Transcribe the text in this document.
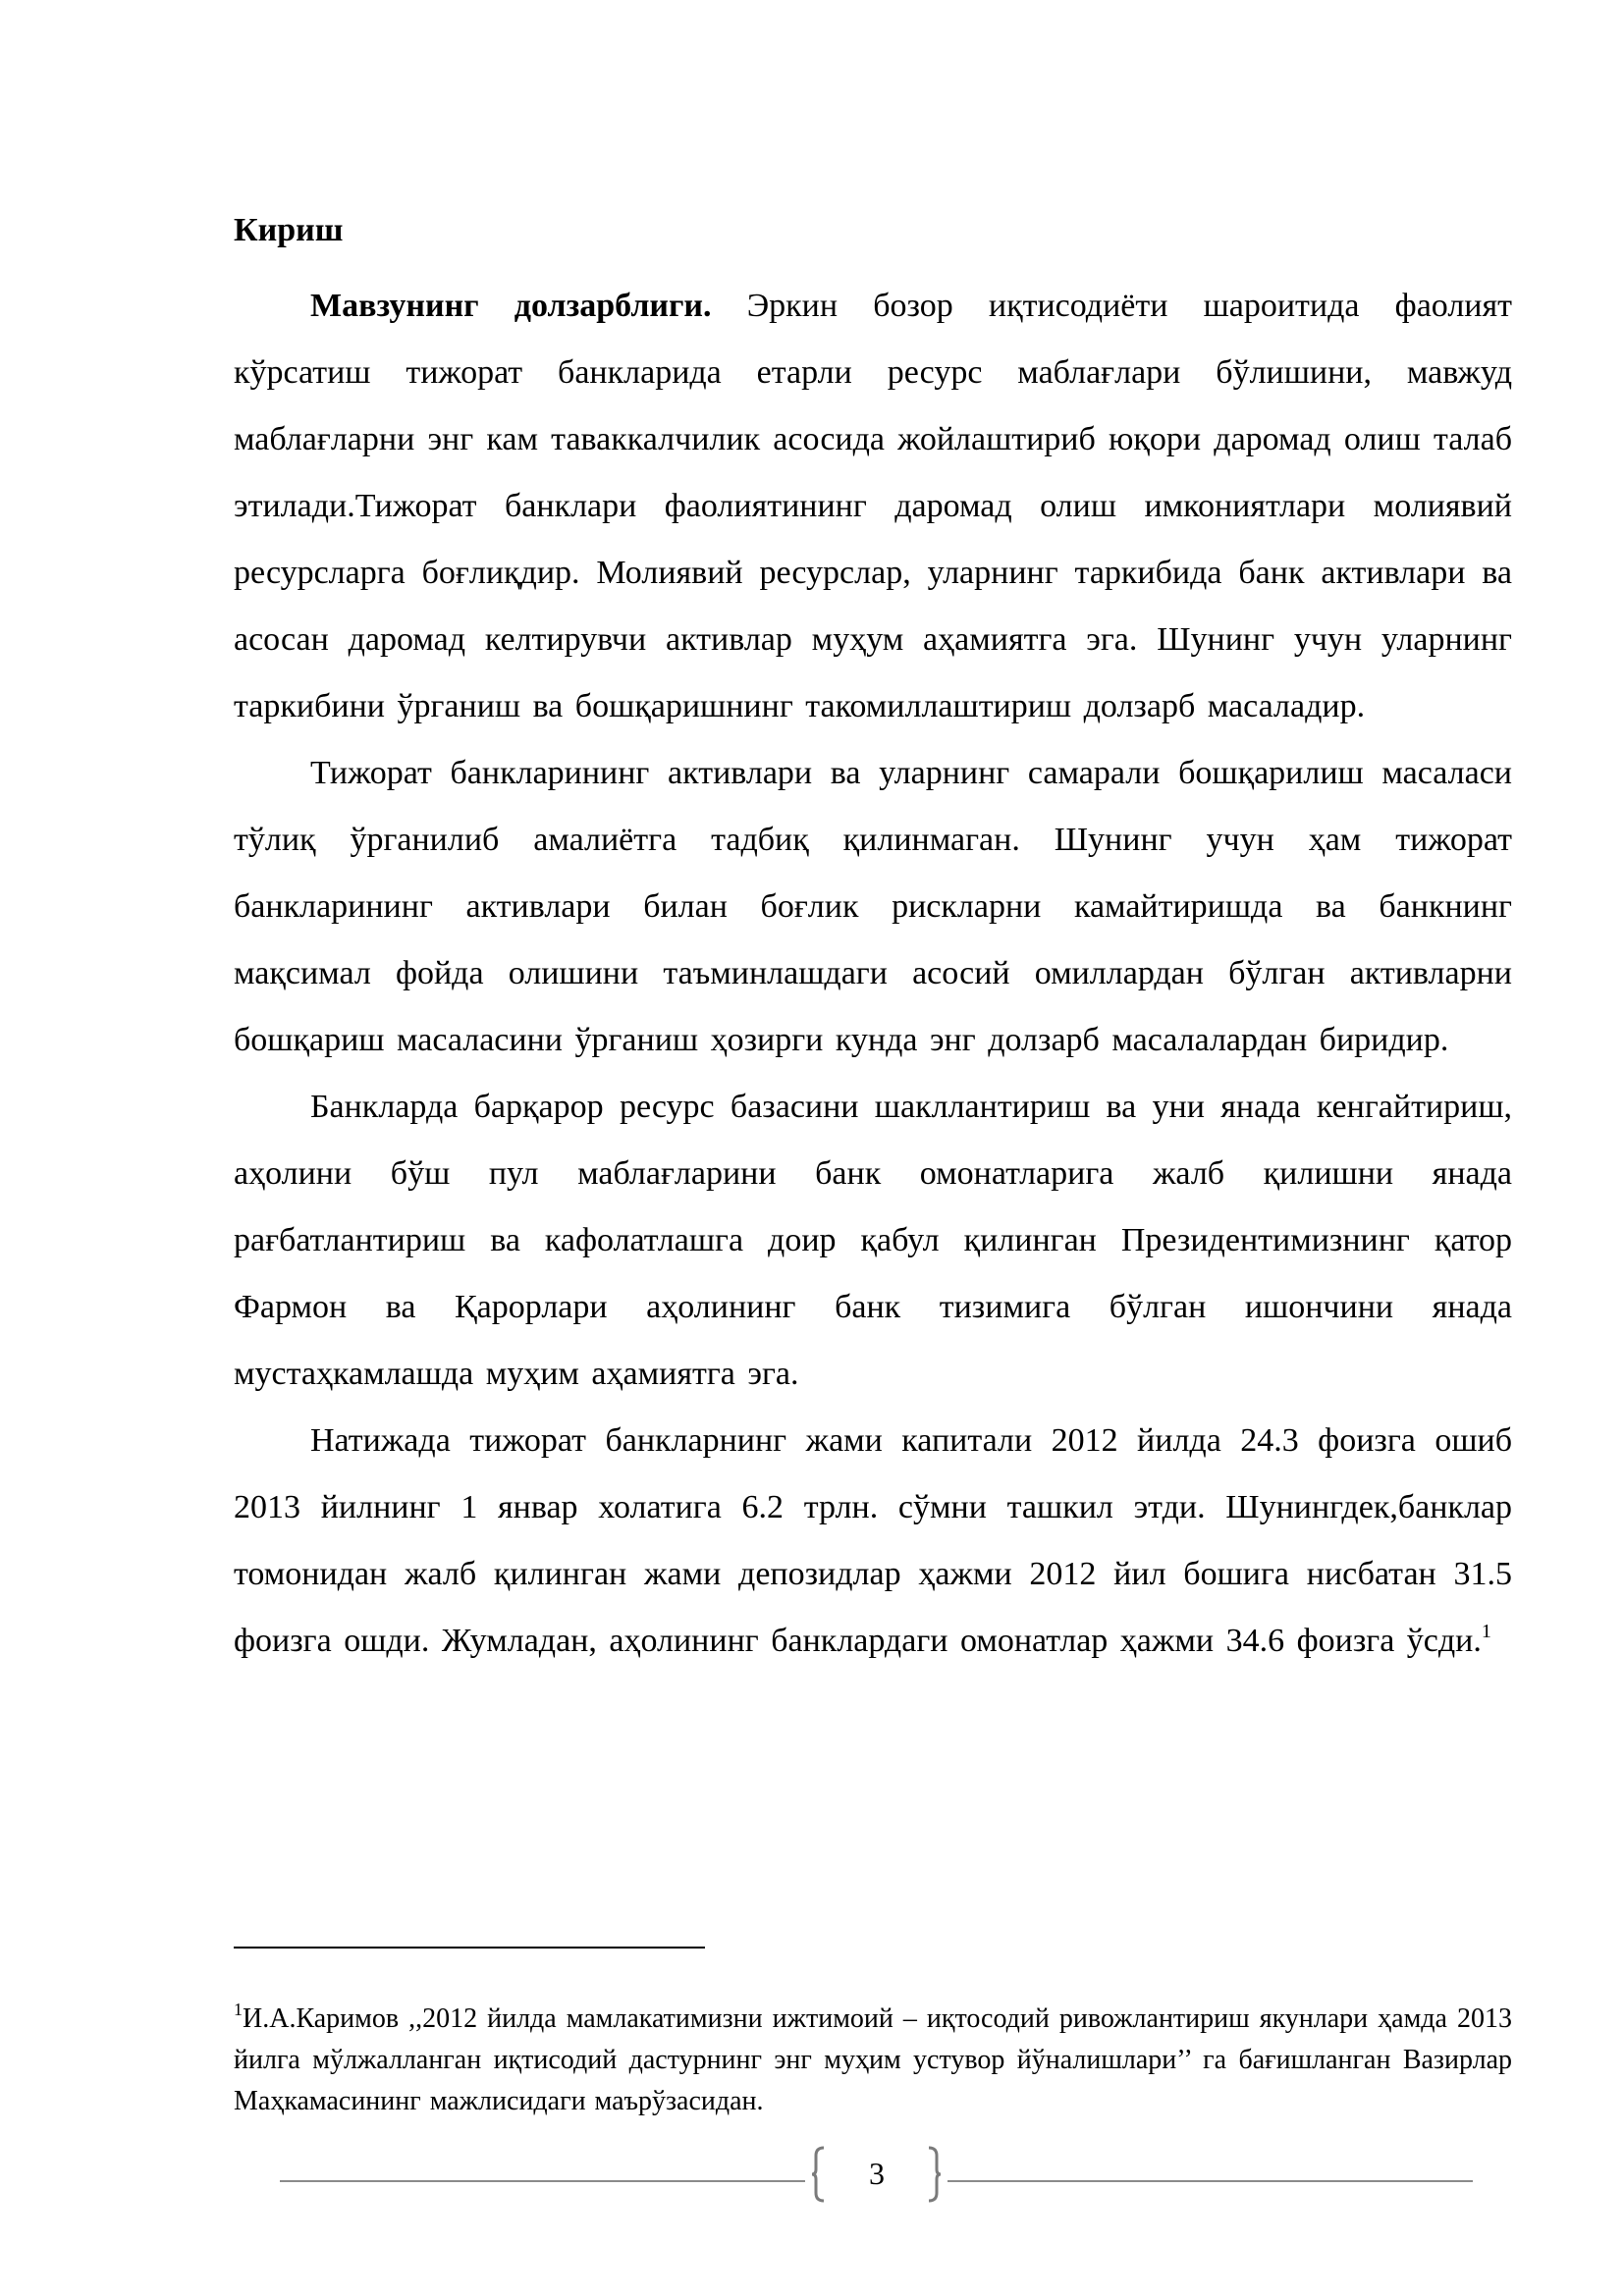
Кириш

Мавзунинг долзарблиги. Эркин бозор иқтисодиёти шароитида фаолият кўрсатиш тижорат банкларида етарли ресурс маблағлари бўлишини, мавжуд маблағларни энг кам таваккалчилик асосида жойлаштириб юқори даромад олиш талаб этилади.Тижорат банклари фаолиятининг даромад олиш имкониятлари молиявий ресурсларга боғлиқдир. Молиявий ресурслар, уларнинг таркибида банк активлари ва асосан даромад келтирувчи активлар муҳум аҳамиятга эга. Шунинг учун уларнинг таркибини ўрганиш ва бошқаришнинг такомиллаштириш долзарб масаладир.

Тижорат банкларининг активлари ва уларнинг самарали бошқарилиш масаласи тўлиқ ўрганилиб амалиётга тадбиқ қилинмаган. Шунинг учун ҳам тижорат банкларининг активлари билан боғлик рискларни камайтиришда ва банкнинг мақсимал фойда олишини таъминлашдаги асосий омиллардан бўлган активларни бошқариш масаласини ўрганиш ҳозирги кунда энг долзарб масалалардан биридир.

Банкларда барқарор ресурс базасини шакллантириш ва уни янада кенгайтириш, аҳолини бўш пул маблағларини банк омонатларига жалб қилишни янада рағбатлантириш ва кафолатлашга доир қабул қилинган Президентимизнинг қатор Фармон ва Қарорлари аҳолининг банк тизимига бўлган ишончини янада мустаҳкамлашда муҳим аҳамиятга эга.

Натижада тижорат банкларнинг жами капитали 2012 йилда 24.3 фоизга ошиб 2013 йилнинг 1 январ холатига 6.2 трлн. сўмни ташкил этди. Шунингдек,банклар томонидан жалб қилинган жами депозидлар ҳажми 2012 йил бошига нисбатан 31.5 фоизга ошди. Жумладан, аҳолининг банклардаги омонатлар ҳажми 34.6 фоизга ўсди.$^1$

$^1$И.А.Каримов ,,2012 йилда мамлакатимизни ижтимоий – иқтосодий ривожлантириш якунлари ҳамда 2013 йилга мўлжалланган иқтисодий дастурнинг энг муҳим устувор йўналишлари’’ га бағишланган Вазирлар Маҳкамасининг мажлисидаги маърўзасидан.
3
